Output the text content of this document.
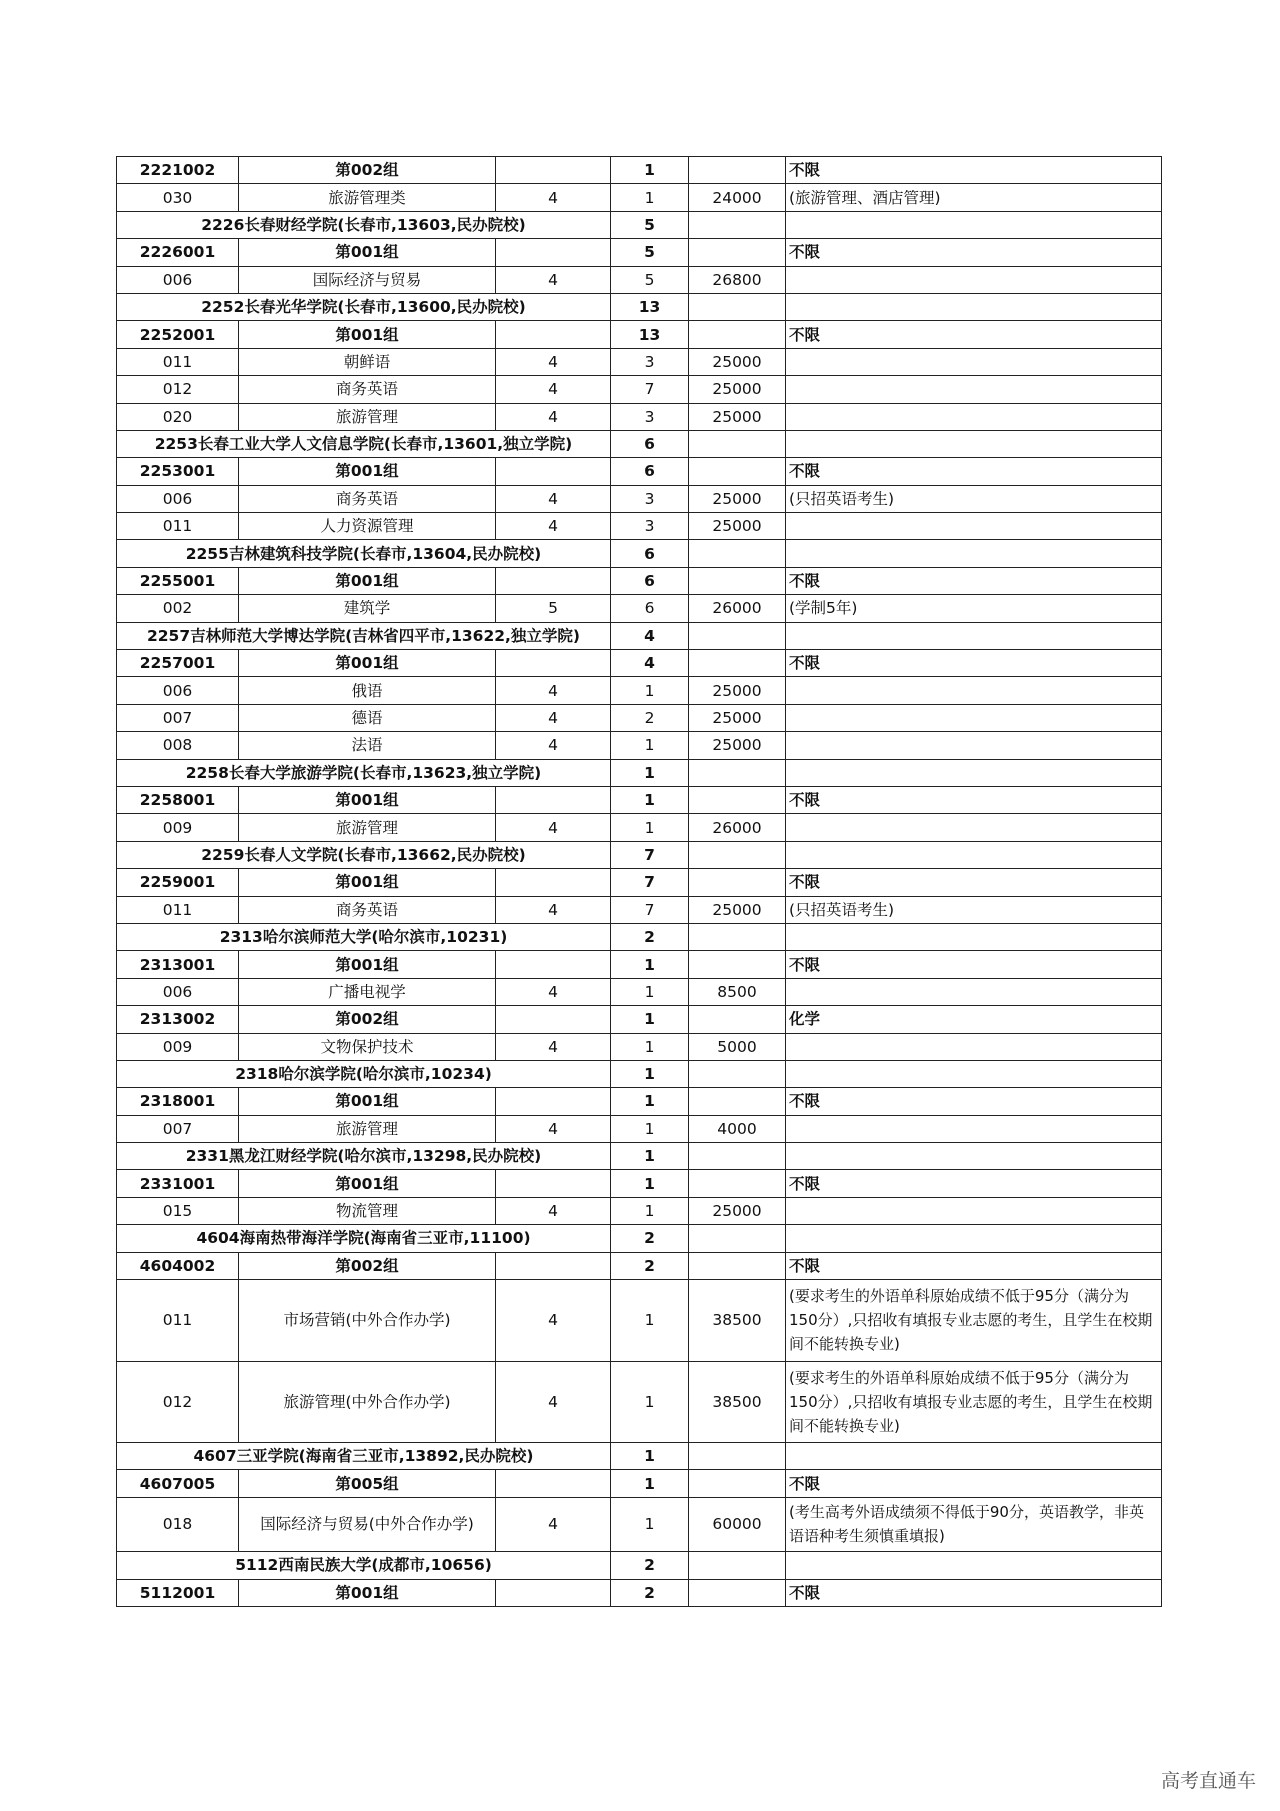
2221002	第002组		1		不限
030	旅游管理类	4	1	24000	(旅游管理、酒店管理)
2226长春财经学院(长春市,13603,民办院校)			5		
2226001	第001组		5		不限
006	国际经济与贸易	4	5	26800	
2252长春光华学院(长春市,13600,民办院校)			13		
2252001	第001组		13		不限
011	朝鲜语	4	3	25000	
012	商务英语	4	7	25000	
020	旅游管理	4	3	25000	
2253长春工业大学人文信息学院(长春市,13601,独立学院)			6		
2253001	第001组		6		不限
006	商务英语	4	3	25000	(只招英语考生)
011	人力资源管理	4	3	25000	
2255吉林建筑科技学院(长春市,13604,民办院校)			6		
2255001	第001组		6		不限
002	建筑学	5	6	26000	(学制5年)
2257吉林师范大学博达学院(吉林省四平市,13622,独立学院)			4		
2257001	第001组		4		不限
006	俄语	4	1	25000	
007	德语	4	2	25000	
008	法语	4	1	25000	
2258长春大学旅游学院(长春市,13623,独立学院)			1		
2258001	第001组		1		不限
009	旅游管理	4	1	26000	
2259长春人文学院(长春市,13662,民办院校)			7		
2259001	第001组		7		不限
011	商务英语	4	7	25000	(只招英语考生)
2313哈尔滨师范大学(哈尔滨市,10231)			2		
2313001	第001组		1		不限
006	广播电视学	4	1	8500	
2313002	第002组		1		化学
009	文物保护技术	4	1	5000	
2318哈尔滨学院(哈尔滨市,10234)			1		
2318001	第001组		1		不限
007	旅游管理	4	1	4000	
2331黑龙江财经学院(哈尔滨市,13298,民办院校)			1		
2331001	第001组		1		不限
015	物流管理	4	1	25000	
4604海南热带海洋学院(海南省三亚市,11100)			2		
4604002	第002组		2		不限
011	市场营销(中外合作办学)	4	1	38500	(要求考生的外语单科原始成绩不低于95分（满分为150分）,只招收有填报专业志愿的考生，且学生在校期间不能转换专业)
012	旅游管理(中外合作办学)	4	1	38500	(要求考生的外语单科原始成绩不低于95分（满分为150分）,只招收有填报专业志愿的考生，且学生在校期间不能转换专业)
4607三亚学院(海南省三亚市,13892,民办院校)			1		
4607005	第005组		1		不限
018	国际经济与贸易(中外合作办学)	4	1	60000	(考生高考外语成绩须不得低于90分，英语教学，非英语语种考生须慎重填报)
5112西南民族大学(成都市,10656)			2		
5112001	第001组		2		不限
高考直通车
